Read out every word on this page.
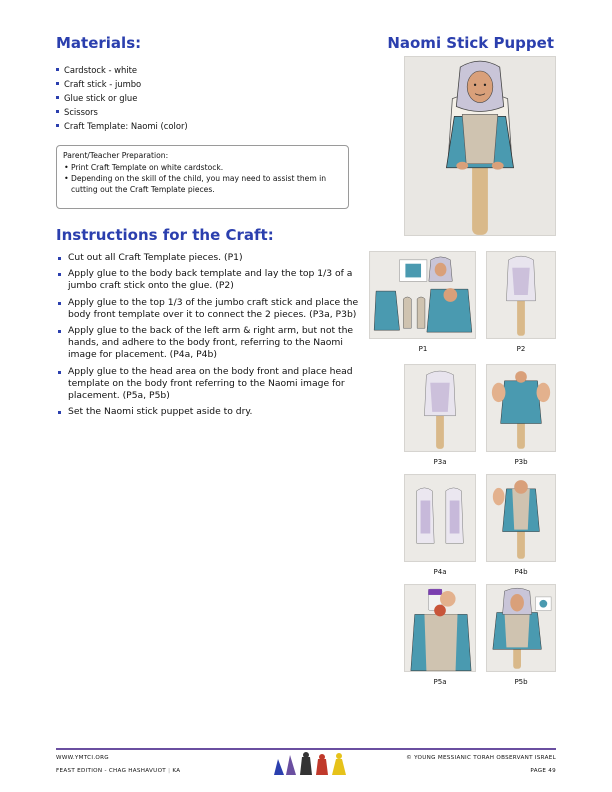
Materials:	Naomi Stick Puppet
Cardstock - white
Craft stick - jumbo
Glue stick or glue
Scissors
Craft Template: Naomi (color)
Parent/Teacher Preparation:
• Print Craft Template on white cardstock.
• Depending on the skill of the child, you may need to assist them in cutting out the Craft Template pieces.
Instructions for the Craft:
Cut out all Craft Template pieces. (P1)
Apply glue to the body back template and lay the top 1/3 of a jumbo craft stick onto the glue. (P2)
Apply glue to the top 1/3 of the jumbo craft stick and place the body front template over it to connect the 2 pieces. (P3a, P3b)
Apply glue to the back of the left arm & right arm, but not the hands, and adhere to the body front, referring to the Naomi image for placement. (P4a, P4b)
Apply glue to the head area on the body front and place head template on the body front referring to the Naomi image for placement. (P5a, P5b)
Set the Naomi stick puppet aside to dry.
P1	P2
P3a	P3b
P4a	P4b
P5a	P5b
WWW.YMTCI.ORG
FEAST EDITION - CHAG HASHAVUOT | KA
© YOUNG MESSIANIC TORAH OBSERVANT ISRAEL
PAGE 49
